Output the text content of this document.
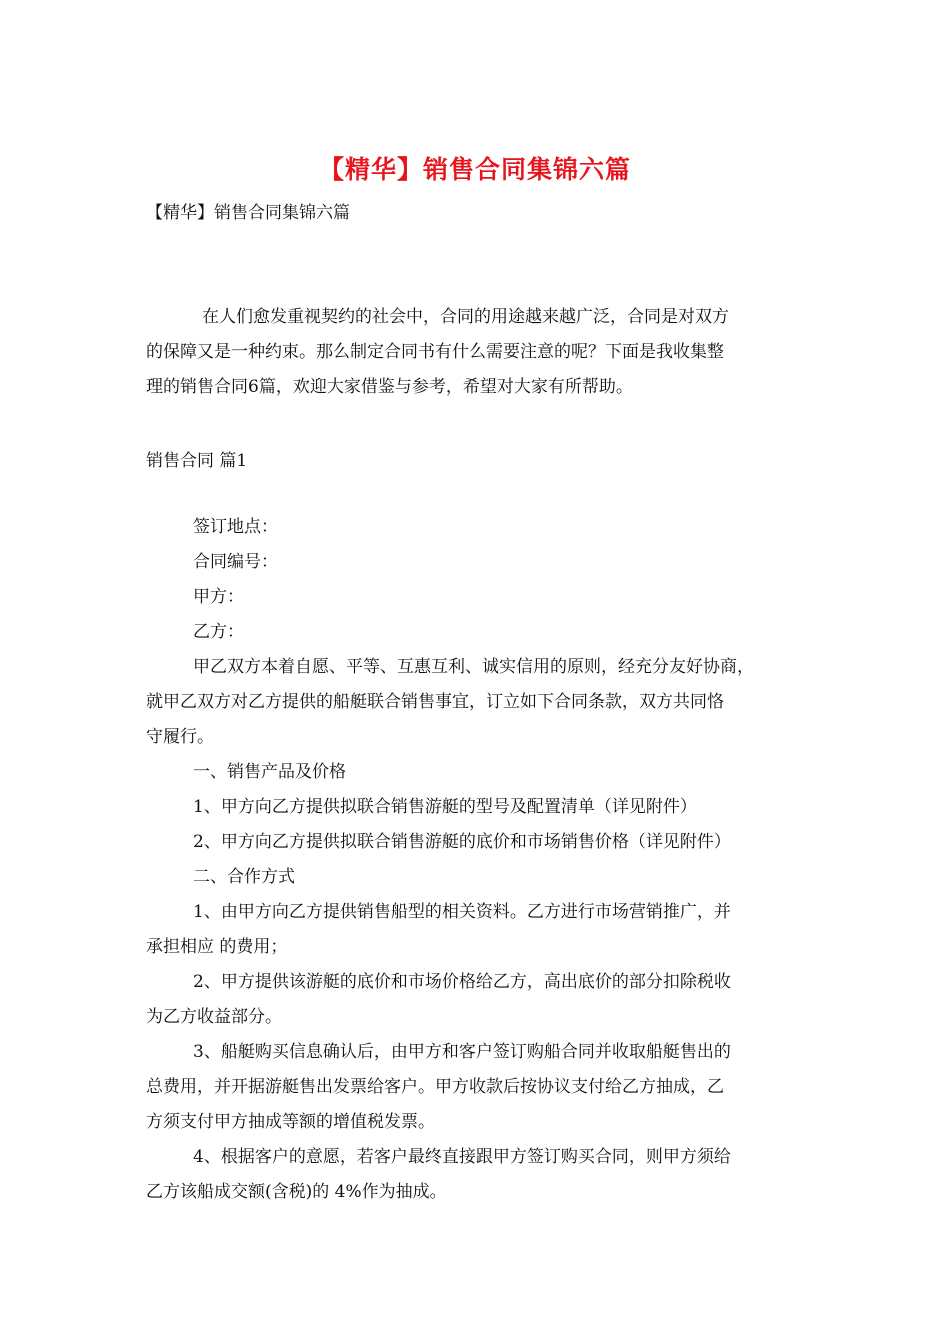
【精华】销售合同集锦六篇
【精华】销售合同集锦六篇
在人们愈发重视契约的社会中，合同的用途越来越广泛，合同是对双方
的保障又是一种约束。那么制定合同书有什么需要注意的呢？下面是我收集整
理的销售合同6篇，欢迎大家借鉴与参考，希望对大家有所帮助。
销售合同 篇1
签订地点：
合同编号：
甲方：
乙方：
甲乙双方本着自愿、平等、互惠互利、诚实信用的原则，经充分友好协商，
就甲乙双方对乙方提供的船艇联合销售事宜，订立如下合同条款，双方共同恪
守履行。
一、销售产品及价格
1、甲方向乙方提供拟联合销售游艇的型号及配置清单（详见附件）
2、甲方向乙方提供拟联合销售游艇的底价和市场销售价格（详见附件）
二、合作方式
1、由甲方向乙方提供销售船型的相关资料。乙方进行市场营销推广，并
承担相应 的费用；
2、甲方提供该游艇的底价和市场价格给乙方，高出底价的部分扣除税收
为乙方收益部分。
3、船艇购买信息确认后，由甲方和客户签订购船合同并收取船艇售出的
总费用，并开据游艇售出发票给客户。甲方收款后按协议支付给乙方抽成，乙
方须支付甲方抽成等额的增值税发票。
4、根据客户的意愿，若客户最终直接跟甲方签订购买合同，则甲方须给
乙方该船成交额(含税)的 4%作为抽成。
